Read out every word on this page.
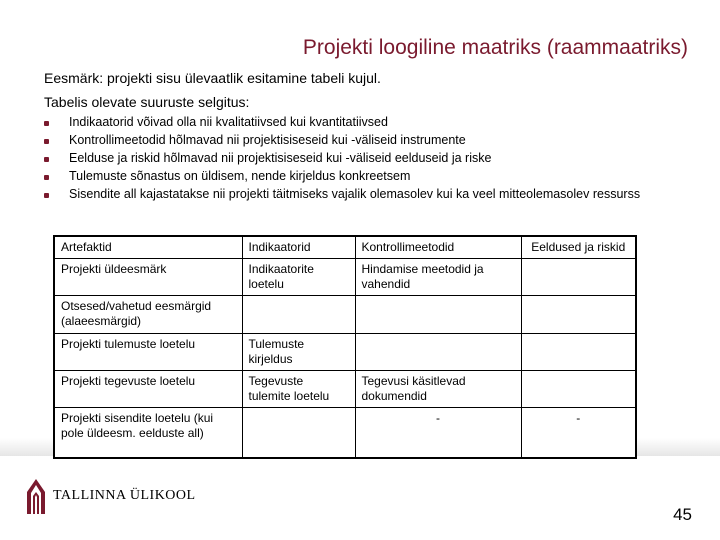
Projekti loogiline maatriks (raammaatriks)
Eesmärk: projekti sisu ülevaatlik esitamine tabeli kujul.
Tabelis olevate suuruste selgitus:
Indikaatorid võivad olla nii kvalitatiivsed kui kvantitatiivsed
Kontrollimeetodid hõlmavad nii projektisiseseid kui -väliseid instrumente
Eelduse ja riskid hõlmavad nii projektisiseseid kui -väliseid eelduseid ja riske
Tulemuste sõnastus on üldisem, nende kirjeldus konkreetsem
Sisendite all kajastatakse nii projekti täitmiseks vajalik olemasolev kui ka veel mitteolemasolev ressurss
Artefaktid	Indikaatorid	Kontrollimeetodid	Eeldused ja riskid
Projekti üldeesmärk	Indikaatorite loetelu	Hindamise meetodid ja vahendid	
Otsesed/vahetud eesmärgid (alaeesmärgid)			
Projekti tulemuste loetelu	Tulemuste kirjeldus		
Projekti tegevuste loetelu	Tegevuste tulemite loetelu	Tegevusi käsitlevad dokumendid	
Projekti sisendite loetelu (kui pole üldeesm. eelduste all)		-	-
TALLINNA ÜLIKOOL
45
